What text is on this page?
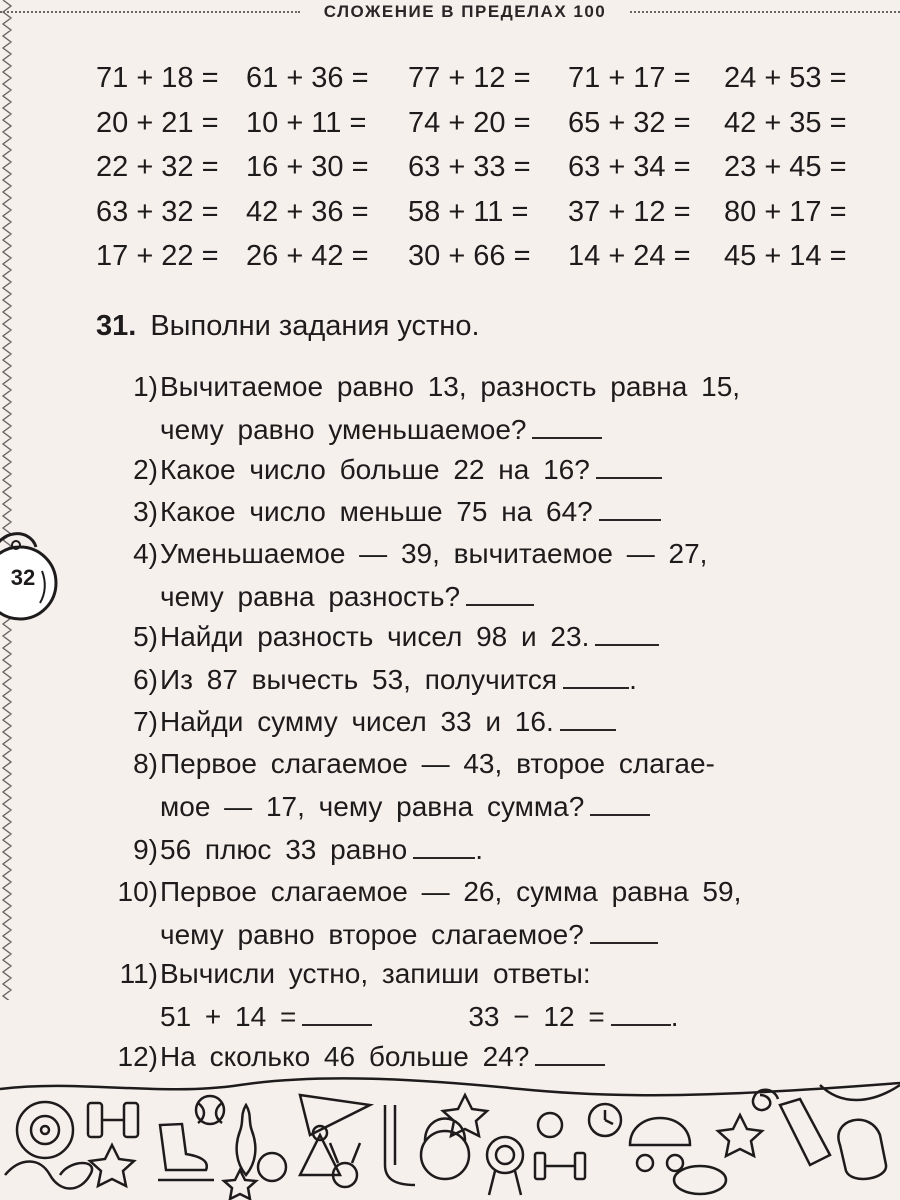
СЛОЖЕНИЕ В ПРЕДЕЛАХ 100
32
71 + 18 = 61 + 36 =	77 + 12 =	71 + 17 =	24 + 53 =
20 + 21 = 10 + 11 =	74 + 20 =	65 + 32 =	42 + 35 =
22 + 32 = 16 + 30 =	63 + 33 =	63 + 34 =	23 + 45 =
63 + 32 = 42 + 36 =	58 + 11 =	37 + 12 =	80 + 17 =
17 + 22 = 26 + 42 =	30 + 66 =	14 + 24 =	45 + 14 =
31. Выполни задания устно.
1)Вычитаемое равно 13, разность равна 15,
чему равно уменьшаемое?
2)Какое число больше 22 на 16?
3)Какое число меньше 75 на 64?
4)Уменьшаемое — 39, вычитаемое — 27,
чему равна разность?
5)Найди разность чисел 98 и 23.
6)Из 87 вычесть 53, получится	.
7)Найди сумму чисел 33 и 16.
8)Первое слагаемое — 43, второе слагае-
мое — 17, чему равна сумма?
9)56 плюс 33 равно .
10)Первое слагаемое — 26, сумма равна 59,
чему равно второе слагаемое?
11)Вычисли устно, запиши ответы:
51 + 14 =	33 − 12 = .
12)На сколько 46 больше 24?
